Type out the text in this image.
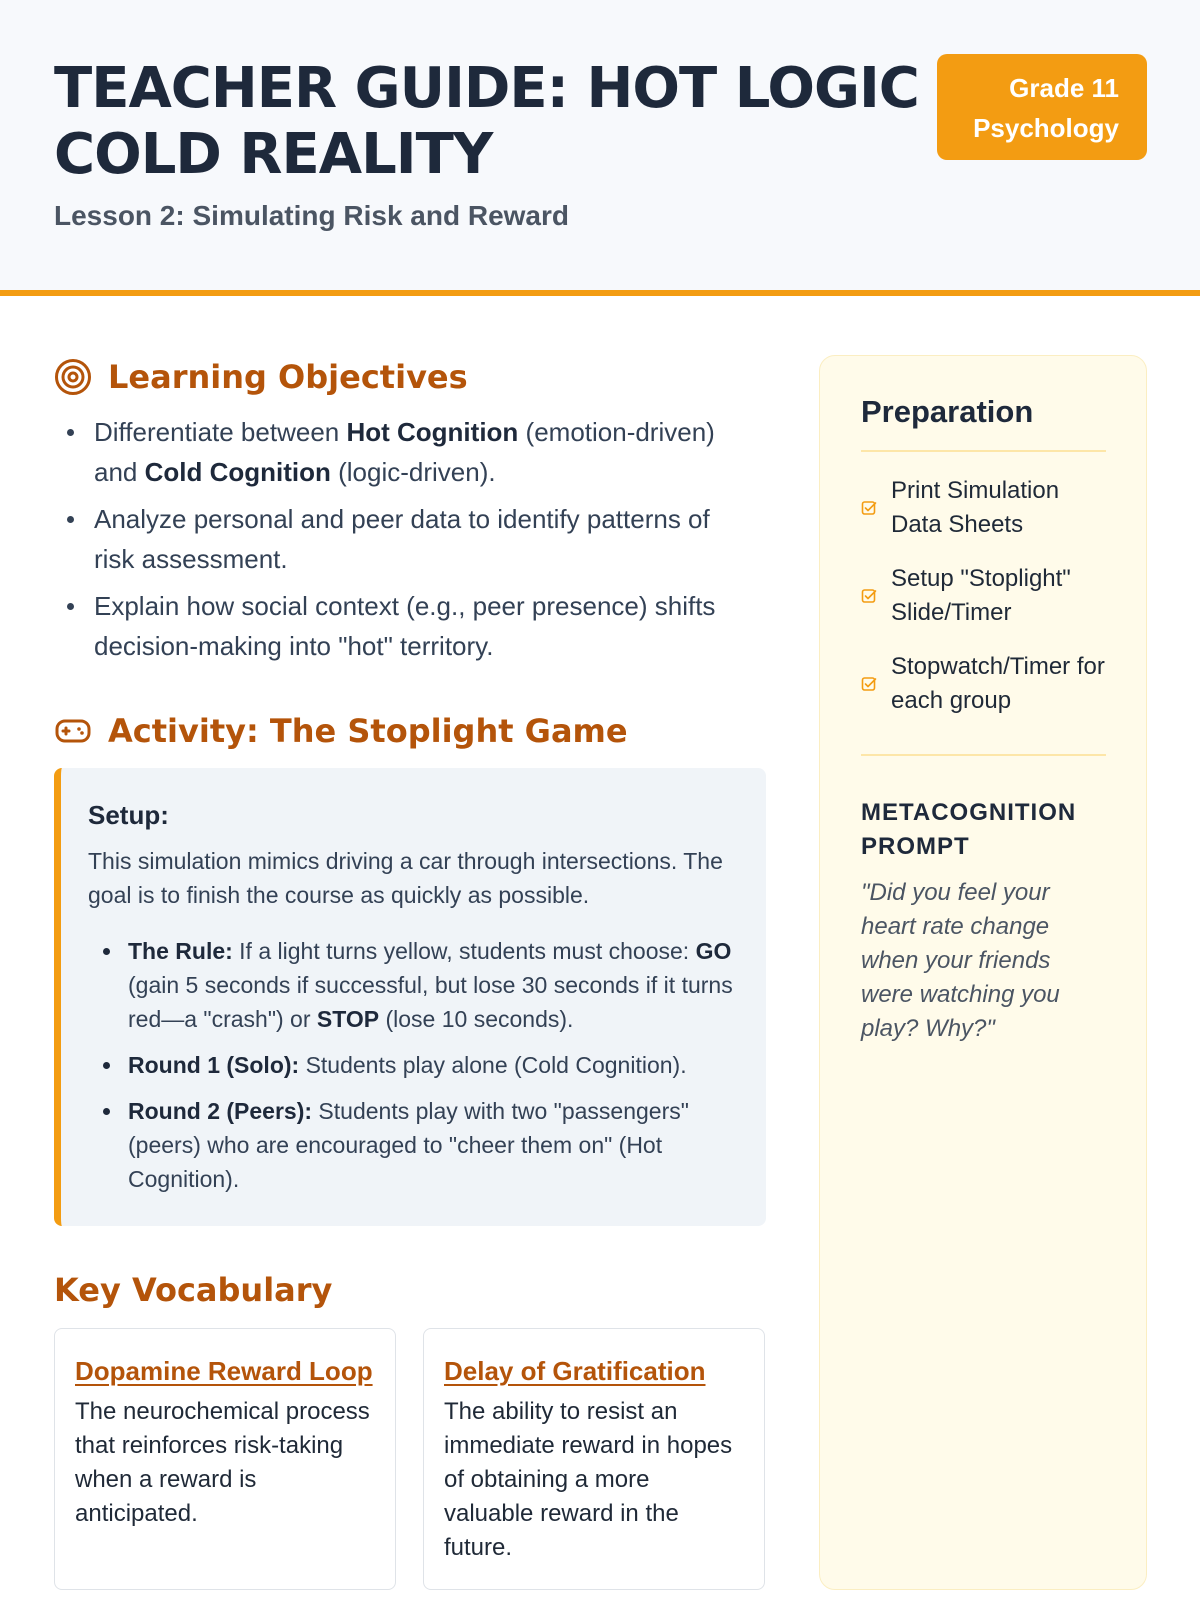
TEACHER GUIDE: HOT LOGIC
COLD REALITY

Lesson 2: Simulating Risk and Reward

Grade 11
Psychology
Learning Objectives
Differentiate between Hot Cognition (emotion-driven) and Cold Cognition (logic-driven).
Analyze personal and peer data to identify patterns of risk assessment.
Explain how social context (e.g., peer presence) shifts decision-making into "hot" territory.
Activity: The Stoplight Game

Setup:

This simulation mimics driving a car through intersections. The goal is to finish the course as quickly as possible.

The Rule: If a light turns yellow, students must choose: GO (gain 5 seconds if successful, but lose 30 seconds if it turns red—a "crash") or STOP (lose 10 seconds).
Round 1 (Solo): Students play alone (Cold Cognition).
Round 2 (Peers): Students play with two "passengers" (peers) who are encouraged to "cheer them on" (Hot Cognition).
Key Vocabulary

Dopamine Reward Loop

The neurochemical process that reinforces risk-taking when a reward is anticipated.

Delay of Gratification

The ability to resist an immediate reward in hopes of obtaining a more valuable reward in the future.

Preparation
Print Simulation Data Sheets
Setup "Stoplight" Slide/Timer
Stopwatch/Timer for each group
METACOGNITION PROMPT

"Did you feel your heart rate change when your friends were watching you play? Why?"
